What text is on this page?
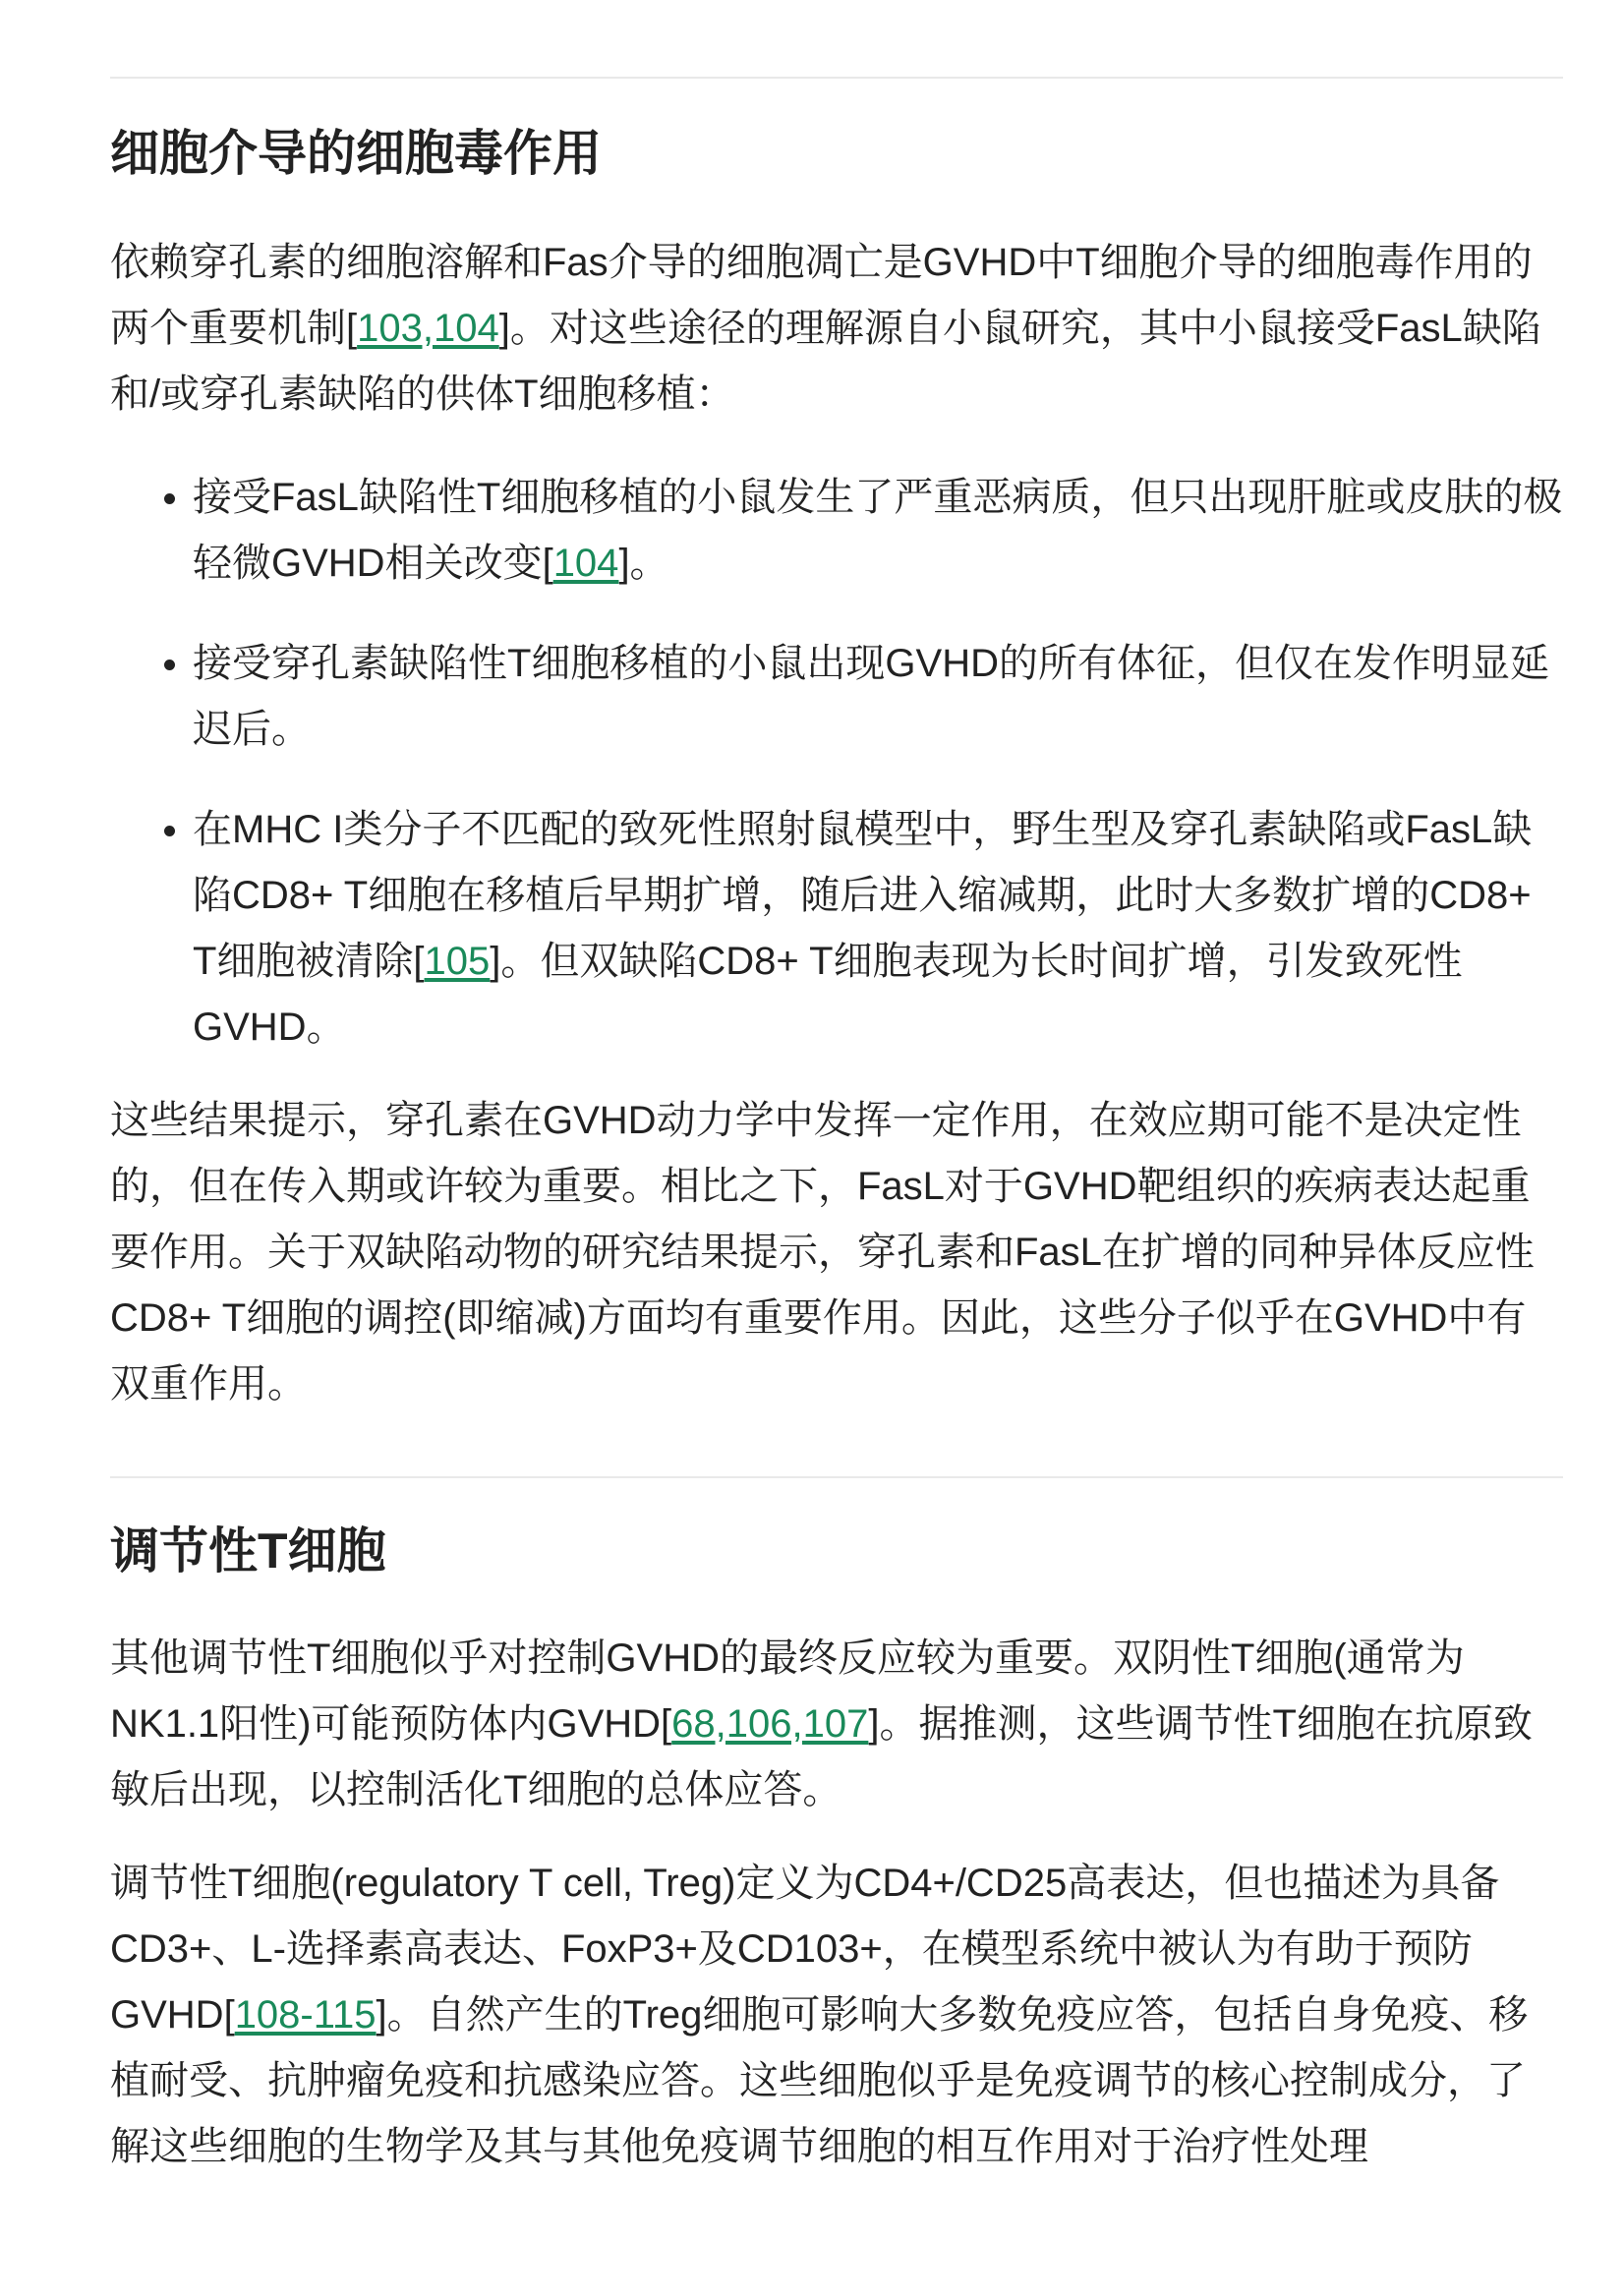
细胞介导的细胞毒作用

依赖穿孔素的细胞溶解和Fas介导的细胞凋亡是GVHD中T细胞介导的细胞毒作用的两个重要机制[103,104]。对这些途径的理解源自小鼠研究，其中小鼠接受FasL缺陷和/或穿孔素缺陷的供体T细胞移植：

接受FasL缺陷性T细胞移植的小鼠发生了严重恶病质，但只出现肝脏或皮肤的极轻微GVHD相关改变[104]。
接受穿孔素缺陷性T细胞移植的小鼠出现GVHD的所有体征，但仅在发作明显延迟后。
在MHC I类分子不匹配的致死性照射鼠模型中，野生型及穿孔素缺陷或FasL缺陷CD8+ T细胞在移植后早期扩增，随后进入缩减期，此时大多数扩增的CD8+ T细胞被清除[105]。但双缺陷CD8+ T细胞表现为长时间扩增，引发致死性GVHD。

这些结果提示，穿孔素在GVHD动力学中发挥一定作用，在效应期可能不是决定性的，但在传入期或许较为重要。相比之下，FasL对于GVHD靶组织的疾病表达起重要作用。关于双缺陷动物的研究结果提示，穿孔素和FasL在扩增的同种异体反应性CD8+ T细胞的调控(即缩减)方面均有重要作用。因此，这些分子似乎在GVHD中有双重作用。

调节性T细胞

其他调节性T细胞似乎对控制GVHD的最终反应较为重要。双阴性T细胞(通常为NK1.1阳性)可能预防体内GVHD[68,106,107]。据推测，这些调节性T细胞在抗原致敏后出现，以控制活化T细胞的总体应答。

调节性T细胞(regulatory T cell, Treg)定义为CD4+/CD25高表达，但也描述为具备CD3+、L-选择素高表达、FoxP3+及CD103+，在模型系统中被认为有助于预防GVHD[108-115]。自然产生的Treg细胞可影响大多数免疫应答，包括自身免疫、移植耐受、抗肿瘤免疫和抗感染应答。这些细胞似乎是免疫调节的核心控制成分，了解这些细胞的生物学及其与其他免疫调节细胞的相互作用对于治疗性处理
